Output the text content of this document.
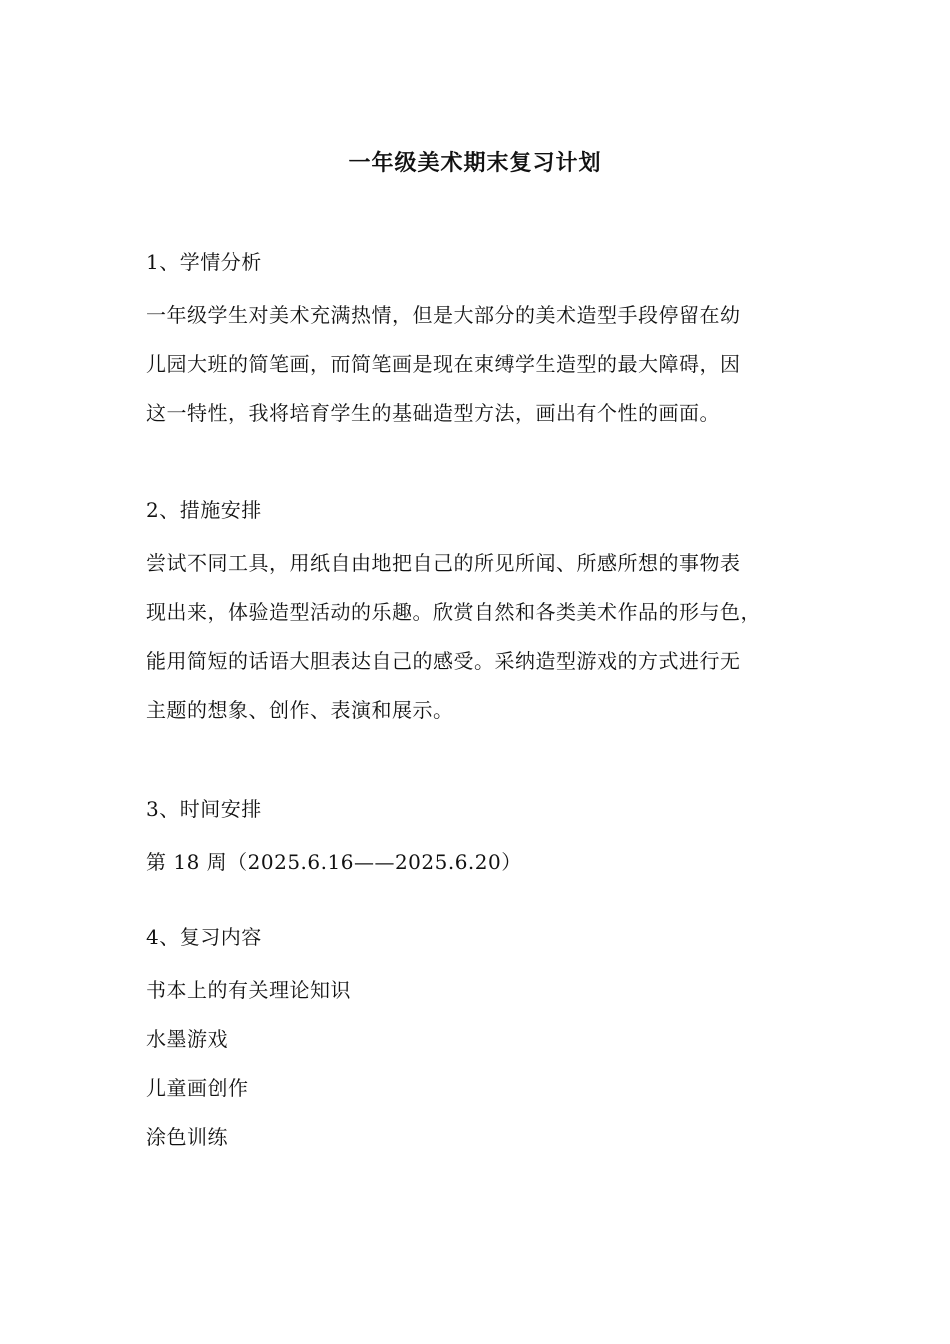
一年级美术期末复习计划
1、学情分析
一年级学生对美术充满热情，但是大部分的美术造型手段停留在幼
儿园大班的简笔画，而简笔画是现在束缚学生造型的最大障碍，因
这一特性，我将培育学生的基础造型方法，画出有个性的画面。
2、措施安排
尝试不同工具，用纸自由地把自己的所见所闻、所感所想的事物表
现出来，体验造型活动的乐趣。欣赏自然和各类美术作品的形与色，
能用简短的话语大胆表达自己的感受。采纳造型游戏的方式进行无
主题的想象、创作、表演和展示。
3、时间安排
第 18 周（2025.6.16——2025.6.20）
4、复习内容
书本上的有关理论知识
水墨游戏
儿童画创作
涂色训练
